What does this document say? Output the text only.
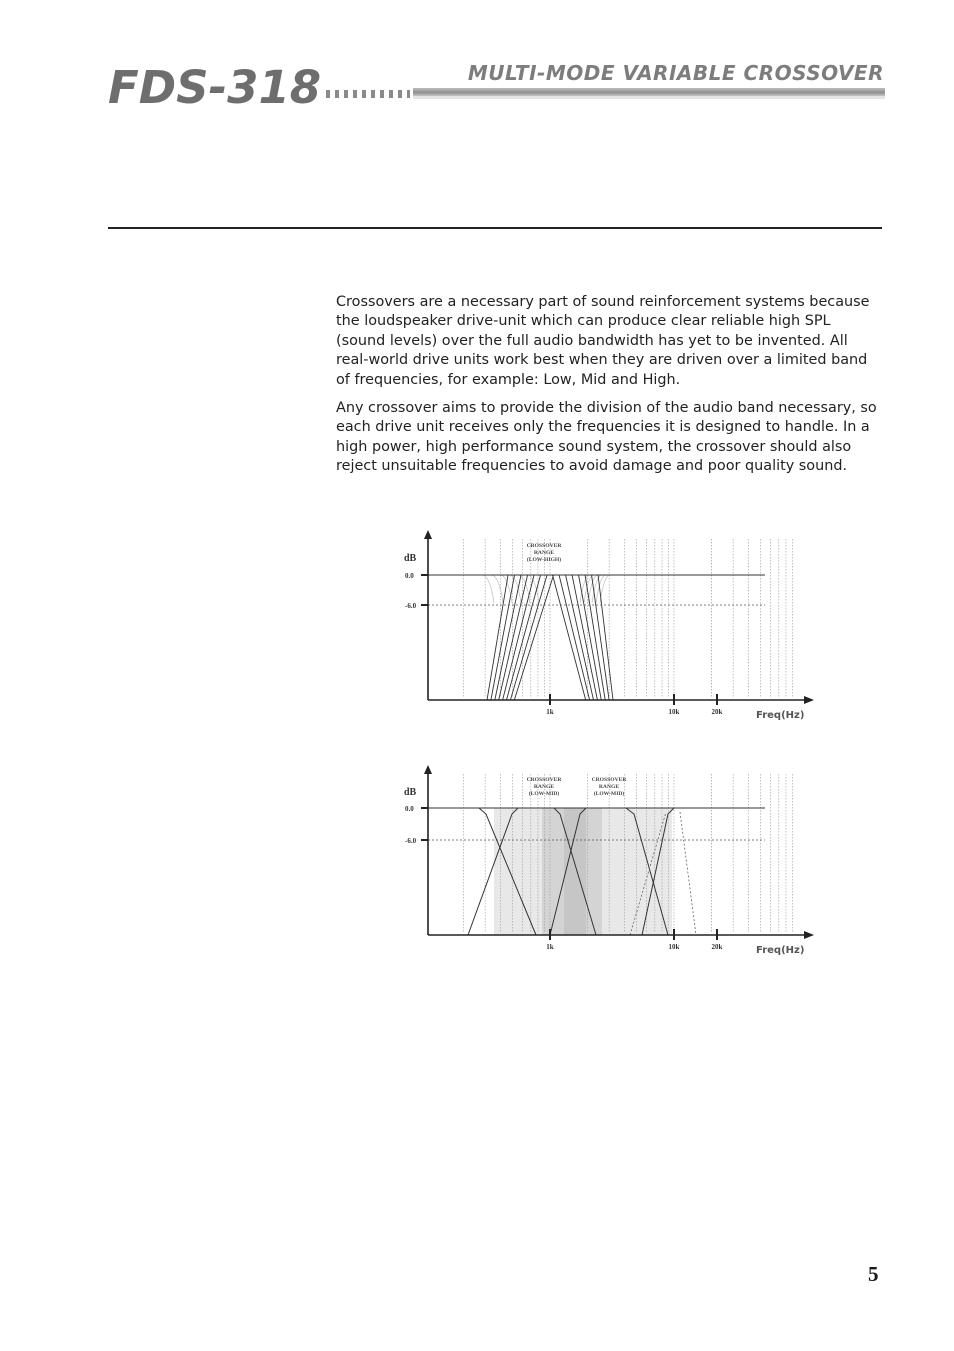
FDS-318	MULTI-MODE VARIABLE CROSSOVER

Crossovers are a necessary part of sound reinforcement systems because the loudspeaker drive-unit which can produce clear reliable high SPL (sound levels) over the full audio bandwidth has yet to be invented. All real-world drive units work best when they are driven over a limited band of frequencies, for example: Low, Mid and High.

Any crossover aims to provide the division of the audio band necessary, so each drive unit receives only the frequencies it is designed to handle. In a high power, high performance sound system, the crossover should also reject unsuitable frequencies to avoid damage and poor quality sound.

dB
0.0
-6.0
1k	10k	20k	Freq(Hz)
CROSSOVER
RANGE
(LOW-HIGH)
dB
0.0
-6.0
1k	10k	20k	Freq(Hz)
CROSSOVER
RANGE
(LOW-MID)
CROSSOVER
RANGE
(LOW-MID)
5
